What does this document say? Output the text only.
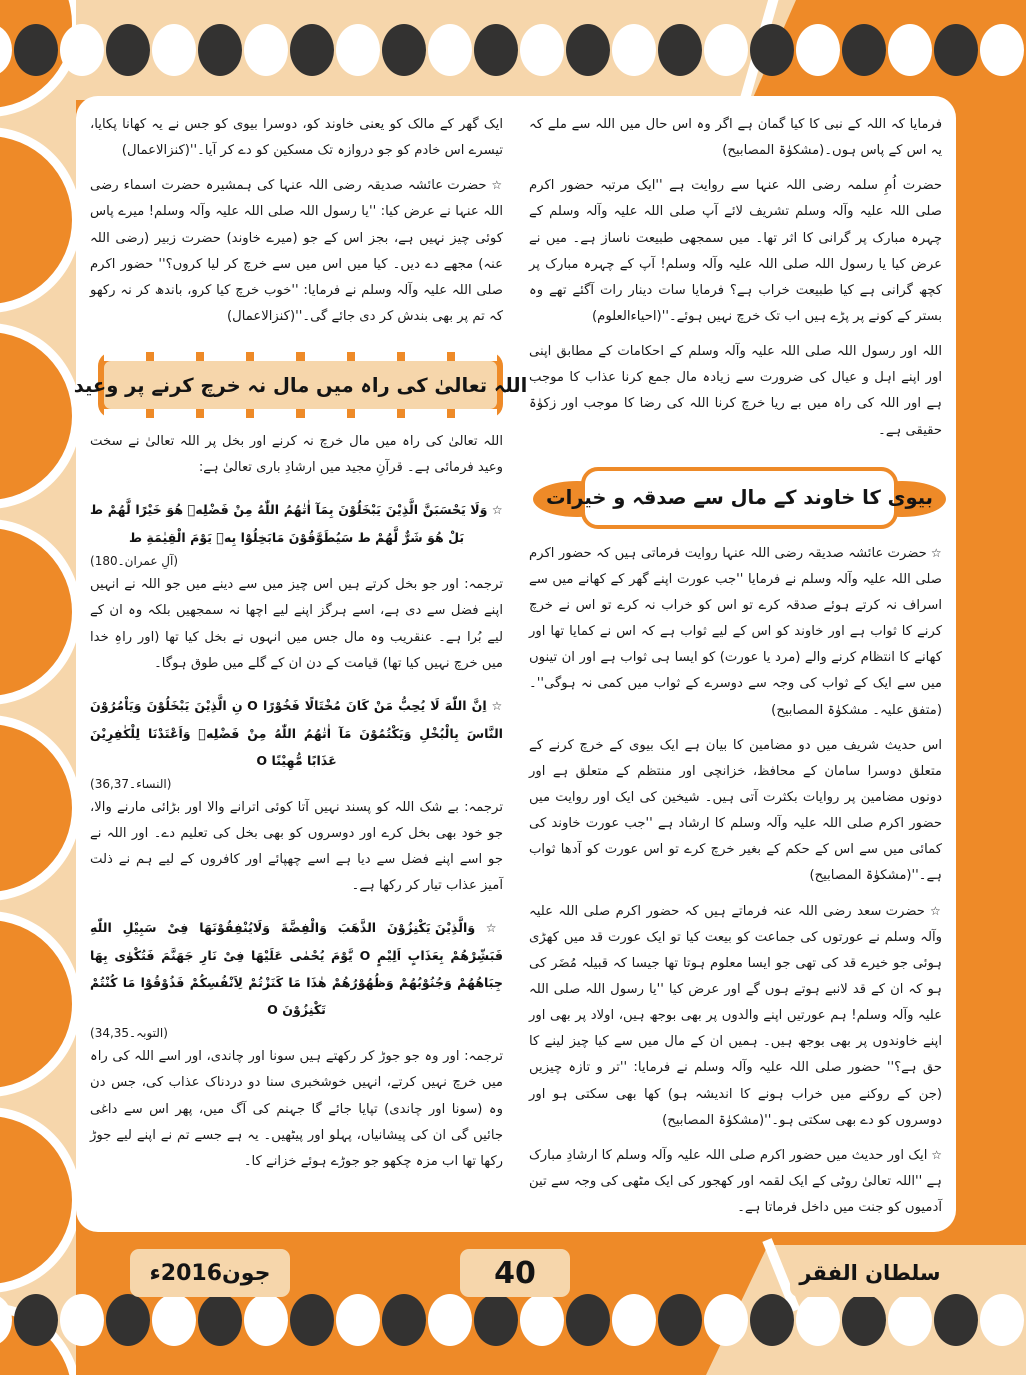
فرمایا کہ اللہ کے نبی کا کیا گمان ہے اگر وہ اس حال میں اللہ سے ملے کہ یہ اس کے پاس ہوں۔(مشکوٰۃ المصابیح)

حضرت اُمِ سلمہ رضی اللہ عنہا سے روایت ہے ''ایک مرتبہ حضور اکرم صلی اللہ علیہ وآلہ وسلم تشریف لائے آپ صلی اللہ علیہ وآلہ وسلم کے چہرہ مبارک پر گرانی کا اثر تھا۔ میں سمجھی طبیعت ناساز ہے۔ میں نے عرض کیا یا رسول اللہ صلی اللہ علیہ وآلہ وسلم! آپ کے چہرہ مبارک پر کچھ گرانی ہے کیا طبیعت خراب ہے؟ فرمایا سات دینار رات آگئے تھے وہ بستر کے کونے پر پڑے ہیں اب تک خرچ نہیں ہوئے۔''(احیاءالعلوم)

اللہ اور رسول اللہ صلی اللہ علیہ وآلہ وسلم کے احکامات کے مطابق اپنی اور اپنے اہل و عیال کی ضرورت سے زیادہ مال جمع کرنا عذاب کا موجب ہے اور اللہ کی راہ میں بے ریا خرچ کرنا اللہ کی رضا کا موجب اور زکوٰۃ حقیقی ہے۔

بیوی کا خاوند کے مال سے صدقہ و خیرات

☆ حضرت عائشہ صدیقہ رضی اللہ عنہا روایت فرماتی ہیں کہ حضور اکرم صلی اللہ علیہ وآلہ وسلم نے فرمایا ''جب عورت اپنے گھر کے کھانے میں سے اسراف نہ کرتے ہوئے صدقہ کرے تو اس کو خراب نہ کرے تو اس نے خرچ کرنے کا ثواب ہے اور خاوند کو اس کے لیے ثواب ہے کہ اس نے کمایا تھا اور کھانے کا انتظام کرنے والے (مرد یا عورت) کو ایسا ہی ثواب ہے اور ان تینوں میں سے ایک کے ثواب کی وجہ سے دوسرے کے ثواب میں کمی نہ ہوگی''۔(متفق علیہ۔ مشکوٰۃ المصابیح)

اس حدیث شریف میں دو مضامین کا بیان ہے ایک بیوی کے خرچ کرنے کے متعلق دوسرا سامان کے محافظ، خزانچی اور منتظم کے متعلق ہے اور دونوں مضامین پر روایات بکثرت آتی ہیں۔ شیخین کی ایک اور روایت میں حضور اکرم صلی اللہ علیہ وآلہ وسلم کا ارشاد ہے ''جب عورت خاوند کی کمائی میں سے اس کے حکم کے بغیر خرچ کرے تو اس عورت کو آدھا ثواب ہے۔''(مشکوٰۃ المصابیح)

☆ حضرت سعد رضی اللہ عنہ فرماتے ہیں کہ حضور اکرم صلی اللہ علیہ وآلہ وسلم نے عورتوں کی جماعت کو بیعت کیا تو ایک عورت قد میں کھڑی ہوئی جو خیرے قد کی تھی جو ایسا معلوم ہوتا تھا جیسا کہ قبیلہ مُضَر کی ہو کہ ان کے قد لانبے ہوتے ہوں گے اور عرض کیا ''یا رسول اللہ صلی اللہ علیہ وآلہ وسلم! ہم عورتیں اپنے والدوں پر بھی بوجھ ہیں، اولاد پر بھی اور اپنے خاوندوں پر بھی بوجھ ہیں۔ ہمیں ان کے مال میں سے کیا چیز لینے کا حق ہے؟'' حضور صلی اللہ علیہ وآلہ وسلم نے فرمایا: ''تر و تازہ چیزیں (جن کے روکنے میں خراب ہونے کا اندیشہ ہو) کھا بھی سکتی ہو اور دوسروں کو دے بھی سکتی ہو۔''(مشکوٰۃ المصابیح)

☆ ایک اور حدیث میں حضور اکرم صلی اللہ علیہ وآلہ وسلم کا ارشادِ مبارک ہے ''اللہ تعالیٰ روٹی کے ایک لقمہ اور کھجور کی ایک مٹھی کی وجہ سے تین آدمیوں کو جنت میں داخل فرماتا ہے۔

ایک گھر کے مالک کو یعنی خاوند کو، دوسرا بیوی کو جس نے یہ کھانا پکایا، تیسرے اس خادم کو جو دروازہ تک مسکین کو دے کر آیا۔''(کنزالاعمال)

☆ حضرت عائشہ صدیقہ رضی اللہ عنہا کی ہمشیرہ حضرت اسماء رضی اللہ عنہا نے عرض کیا: ''یا رسول اللہ صلی اللہ علیہ وآلہ وسلم! میرے پاس کوئی چیز نہیں ہے، بجز اس کے جو (میرے خاوند) حضرت زبیر (رضی اللہ عنہ) مجھے دے دیں۔ کیا میں اس میں سے خرچ کر لیا کروں؟'' حضور اکرم صلی اللہ علیہ وآلہ وسلم نے فرمایا: ''خوب خرچ کیا کرو، باندھ کر نہ رکھو کہ تم پر بھی بندش کر دی جائے گی۔''(کنزالاعمال)

اللہ تعالیٰ کی راہ میں مال نہ خرچ کرنے پر وعید

اللہ تعالیٰ کی راہ میں مال خرچ نہ کرنے اور بخل پر اللہ تعالیٰ نے سخت وعید فرمائی ہے۔ قرآنِ مجید میں ارشادِ باری تعالیٰ ہے:

☆ وَلَا يَحْسَبَنَّ الَّذِيْنَ يَبْخَلُوْنَ بِمَآ اٰتٰهُمُ اللّٰهُ مِنْ فَضْلِهٖ هُوَ خَيْرًا لَّهُمْ ط بَلْ هُوَ شَرٌّ لَّهُمْ ط سَيُطَوَّقُوْنَ مَابَخِلُوْا بِهٖ يَوْمَ الْقِيٰمَةِ ط

(آلِ عمران۔180)

ترجمہ: اور جو بخل کرتے ہیں اس چیز میں سے دینے میں جو اللہ نے انہیں اپنے فضل سے دی ہے، اسے ہرگز اپنے لیے اچھا نہ سمجھیں بلکہ وہ ان کے لیے بُرا ہے۔ عنقریب وہ مال جس میں انہوں نے بخل کیا تھا (اور راہِ خدا میں خرچ نہیں کیا تھا) قیامت کے دن ان کے گلے میں طوق ہوگا۔

☆ اِنَّ اللّٰهَ لَا يُحِبُّ مَنْ كَانَ مُخْتَالًا فَخُوْرًا O نِ الَّذِيْنَ يَبْخَلُوْنَ وَيَاْمُرُوْنَ النَّاسَ بِالْبُخْلِ وَيَكْتُمُوْنَ مَآ اٰتٰهُمُ اللّٰهُ مِنْ فَضْلِهٖ وَاَعْتَدْنَا لِلْكٰفِرِيْنَ عَذَابًا مُّهِيْنًا O

(النساء۔36,37)

ترجمہ: بے شک اللہ کو پسند نہیں آتا کوئی اترانے والا اور بڑائی مارنے والا، جو خود بھی بخل کرے اور دوسروں کو بھی بخل کی تعلیم دے۔ اور اللہ نے جو اسے اپنے فضل سے دیا ہے اسے چھپائے اور کافروں کے لیے ہم نے ذلت آمیز عذاب تیار کر رکھا ہے۔

☆ وَالَّذِيْنَ يَكْنِزُوْنَ الذَّهَبَ وَالْفِضَّةَ وَلَايُنْفِقُوْنَهَا فِىْ سَبِيْلِ اللّٰهِ فَبَشِّرْهُمْ بِعَذَابٍ اَلِيْمٍ O يَّوْمَ يُحْمٰى عَلَيْهَا فِىْ نَارِ جَهَنَّمَ فَتُكْوٰى بِهَا جِبَاهُهُمْ وَجُنُوْبُهُمْ وَظُهُوْرُهُمْ هٰذَا مَا كَنَزْتُمْ لِاَنْفُسِكُمْ فَذُوْقُوْا مَا كُنْتُمْ تَكْنِزُوْنَ O

(التوبہ۔34,35)

ترجمہ: اور وہ جو جوڑ کر رکھتے ہیں سونا اور چاندی، اور اسے اللہ کی راہ میں خرچ نہیں کرتے، انہیں خوشخبری سنا دو دردناک عذاب کی، جس دن وہ (سونا اور چاندی) تپایا جائے گا جہنم کی آگ میں، پھر اس سے داغی جائیں گی ان کی پیشانیاں، پہلو اور پیٹھیں۔ یہ ہے جسے تم نے اپنے لیے جوڑ رکھا تھا اب مزہ چکھو جو جوڑے ہوئے خزانے کا۔

جون2016ء	40	سلطان الفقر
